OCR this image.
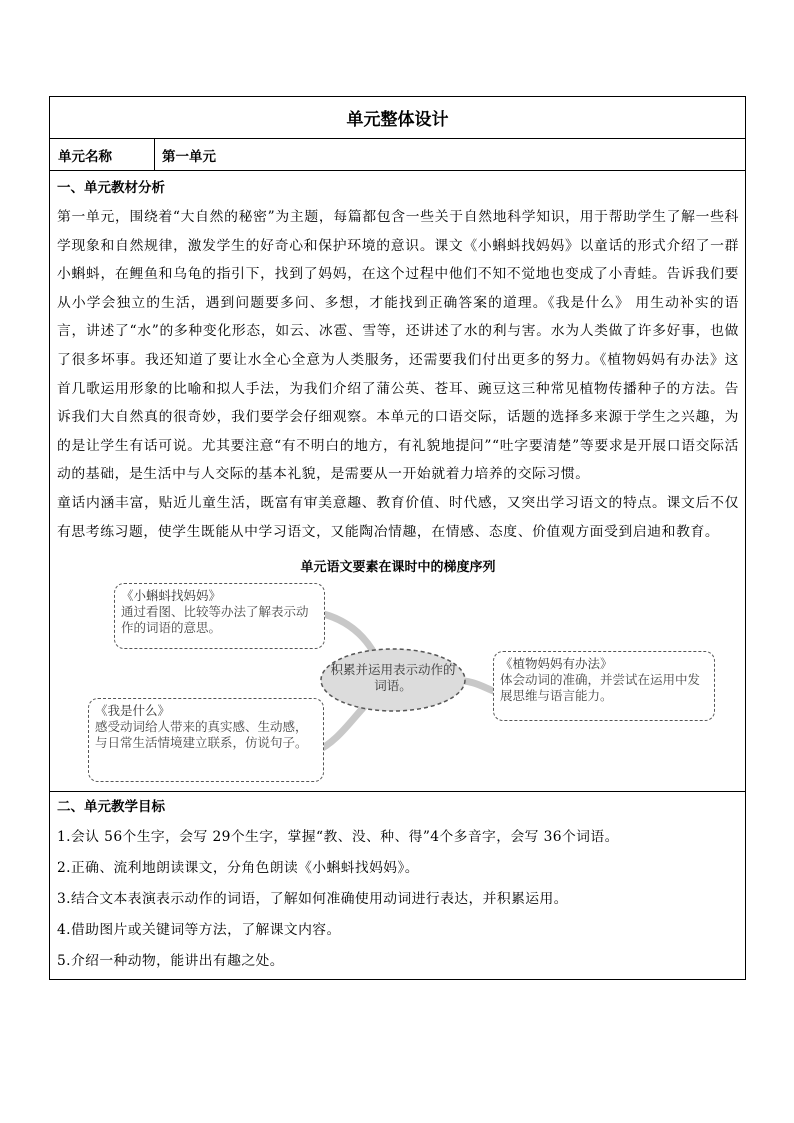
单元整体设计
单元名称	第一单元
一、单元教材分析

第一单元，围绕着“大自然的秘密”为主题，每篇都包含一些关于自然地科学知识，用于帮助学生了解一些科学现象和自然规律，激发学生的好奇心和保护环境的意识。课文《小蝌蚪找妈妈》以童话的形式介绍了一群小蝌蚪，在鲤鱼和乌龟的指引下，找到了妈妈，在这个过程中他们不知不觉地也变成了小青蛙。告诉我们要从小学会独立的生活，遇到问题要多问、多想，才能找到正确答案的道理。《我是什么》 用生动补实的语言，讲述了“水”的多种变化形态，如云、冰雹、雪等，还讲述了水的利与害。水为人类做了许多好事，也做了很多坏事。我还知道了要让水全心全意为人类服务，还需要我们付出更多的努力。《植物妈妈有办法》这首几歌运用形象的比喻和拟人手法，为我们介绍了蒲公英、苍耳、豌豆这三种常见植物传播种子的方法。告诉我们大自然真的很奇妙，我们要学会仔细观察。本单元的口语交际，话题的选择多来源于学生之兴趣，为的是让学生有话可说。尤其要注意“有不明白的地方，有礼貌地提问”“吐字要清楚”等要求是开展口语交际活动的基础，是生活中与人交际的基本礼貌，是需要从一开始就着力培养的交际习惯。

童话内涵丰富，贴近儿童生活，既富有审美意趣、教育价值、时代感，又突出学习语文的特点。课文后不仅有思考练习题，使学生既能从中学习语文，又能陶冶情趣，在情感、态度、价值观方面受到启迪和教育。

单元语文要素在课时中的梯度序列
积累并运用表示动作的词语。
《小蝌蚪找妈妈》
通过看图、比较等办法了解表示动作的词语的意思。
《我是什么》
感受动词给人带来的真实感、生动感，与日常生活情境建立联系，仿说句子。
《植物妈妈有办法》
体会动词的准确，并尝试在运用中发展思维与语言能力。
二、单元教学目标

1.会认 56个生字，会写 29个生字，掌握“教、没、种、得”4个多音字，会写 36个词语。

2.正确、流利地朗读课文，分角色朗读《小蝌蚪找妈妈》。

3.结合文本表演表示动作的词语，了解如何准确使用动词进行表达，并积累运用。

4.借助图片或关键词等方法，了解课文内容。

5.介绍一种动物，能讲出有趣之处。
